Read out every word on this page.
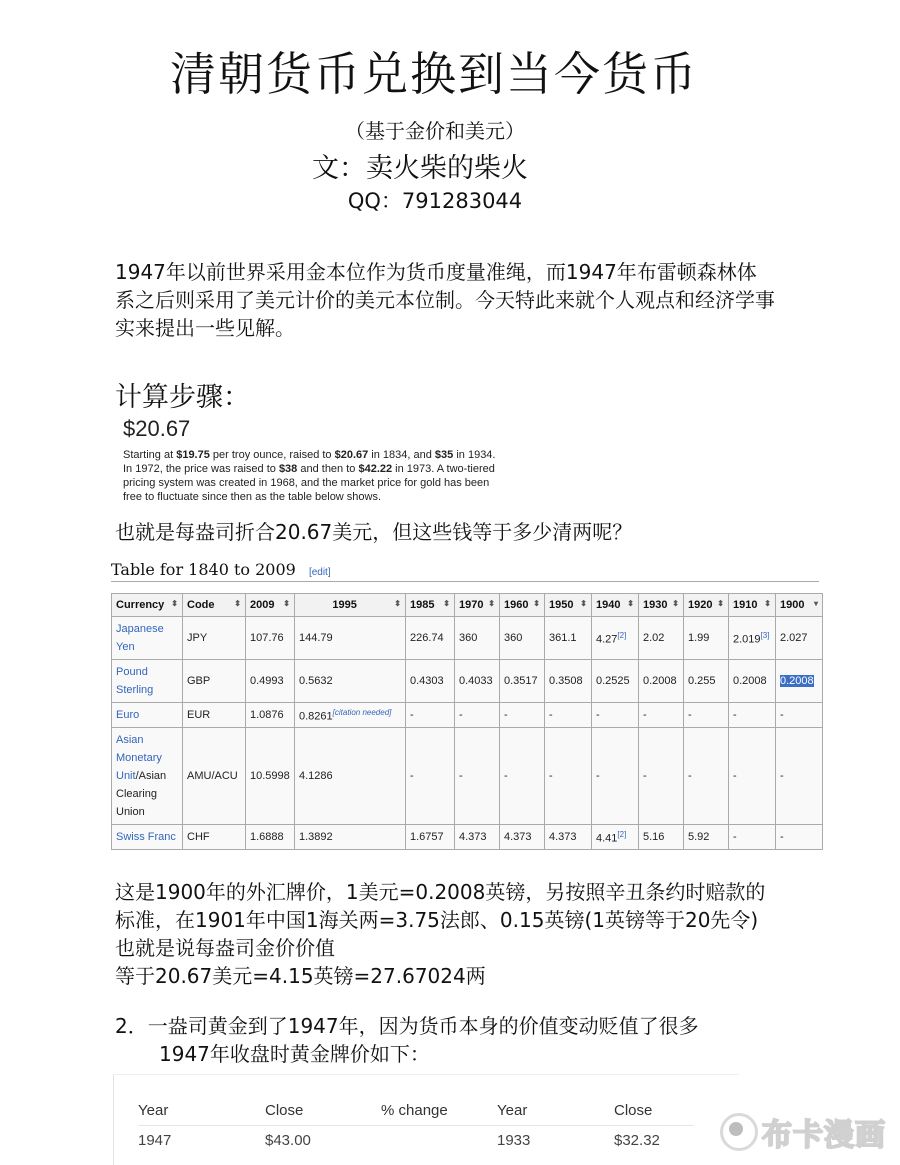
清朝货币兑换到当今货币
（基于金价和美元）
文：卖火柴的柴火
QQ：791283044
1947年以前世界采用金本位作为货币度量准绳，而1947年布雷顿森林体系之后则采用了美元计价的美元本位制。今天特此来就个人观点和经济学事实来提出一些见解。
计算步骤：
$20.67
Starting at $19.75 per troy ounce, raised to $20.67 in 1834, and $35 in 1934. In 1972, the price was raised to $38 and then to $42.22 in 1973. A two-tiered pricing system was created in 1968, and the market price for gold has been free to fluctuate since then as the table below shows.
也就是每盎司折合20.67美元，但这些钱等于多少清两呢？
Table for 1840 to 2009 [edit]
Currency ⬍	Code ⬍	2009 ⬍	1995 ⬍	1985 ⬍	1970 ⬍	1960 ⬍	1950 ⬍	1940 ⬍	1930 ⬍	1920 ⬍	1910 ⬍	1900 ▾

Japanese Yen	JPY	107.76	144.79	226.74	360	360	361.1	4.27[2]	2.02	1.99	2.019[3]	2.027
Pound Sterling	GBP	0.4993	0.5632	0.4303	0.4033	0.3517	0.3508	0.2525	0.2008	0.255	0.2008	0.2008
Euro	EUR	1.0876	0.8261[citation needed]	-	-	-	-	-	-	-	-	-
Asian Monetary Unit/Asian Clearing Union	AMU/ACU	10.5998	4.1286	-	-	-	-	-	-	-	-	-
Swiss Franc	CHF	1.6888	1.3892	1.6757	4.373	4.373	4.373	4.41[2]	5.16	5.92	-	-
这是1900年的外汇牌价，1美元=0.2008英镑，另按照辛丑条约时赔款的标准，在1901年中国1海关两=3.75法郎、0.15英镑(1英镑等于20先令)也就是说每盎司金价价值
等于20.67美元=4.15英镑=27.67024两
2．一盎司黄金到了1947年，因为货币本身的价值变动贬值了很多
1947年收盘时黄金牌价如下：
Year	Close	% change	Year	Close
1947	$43.00		1933	$32.32	布卡漫画
